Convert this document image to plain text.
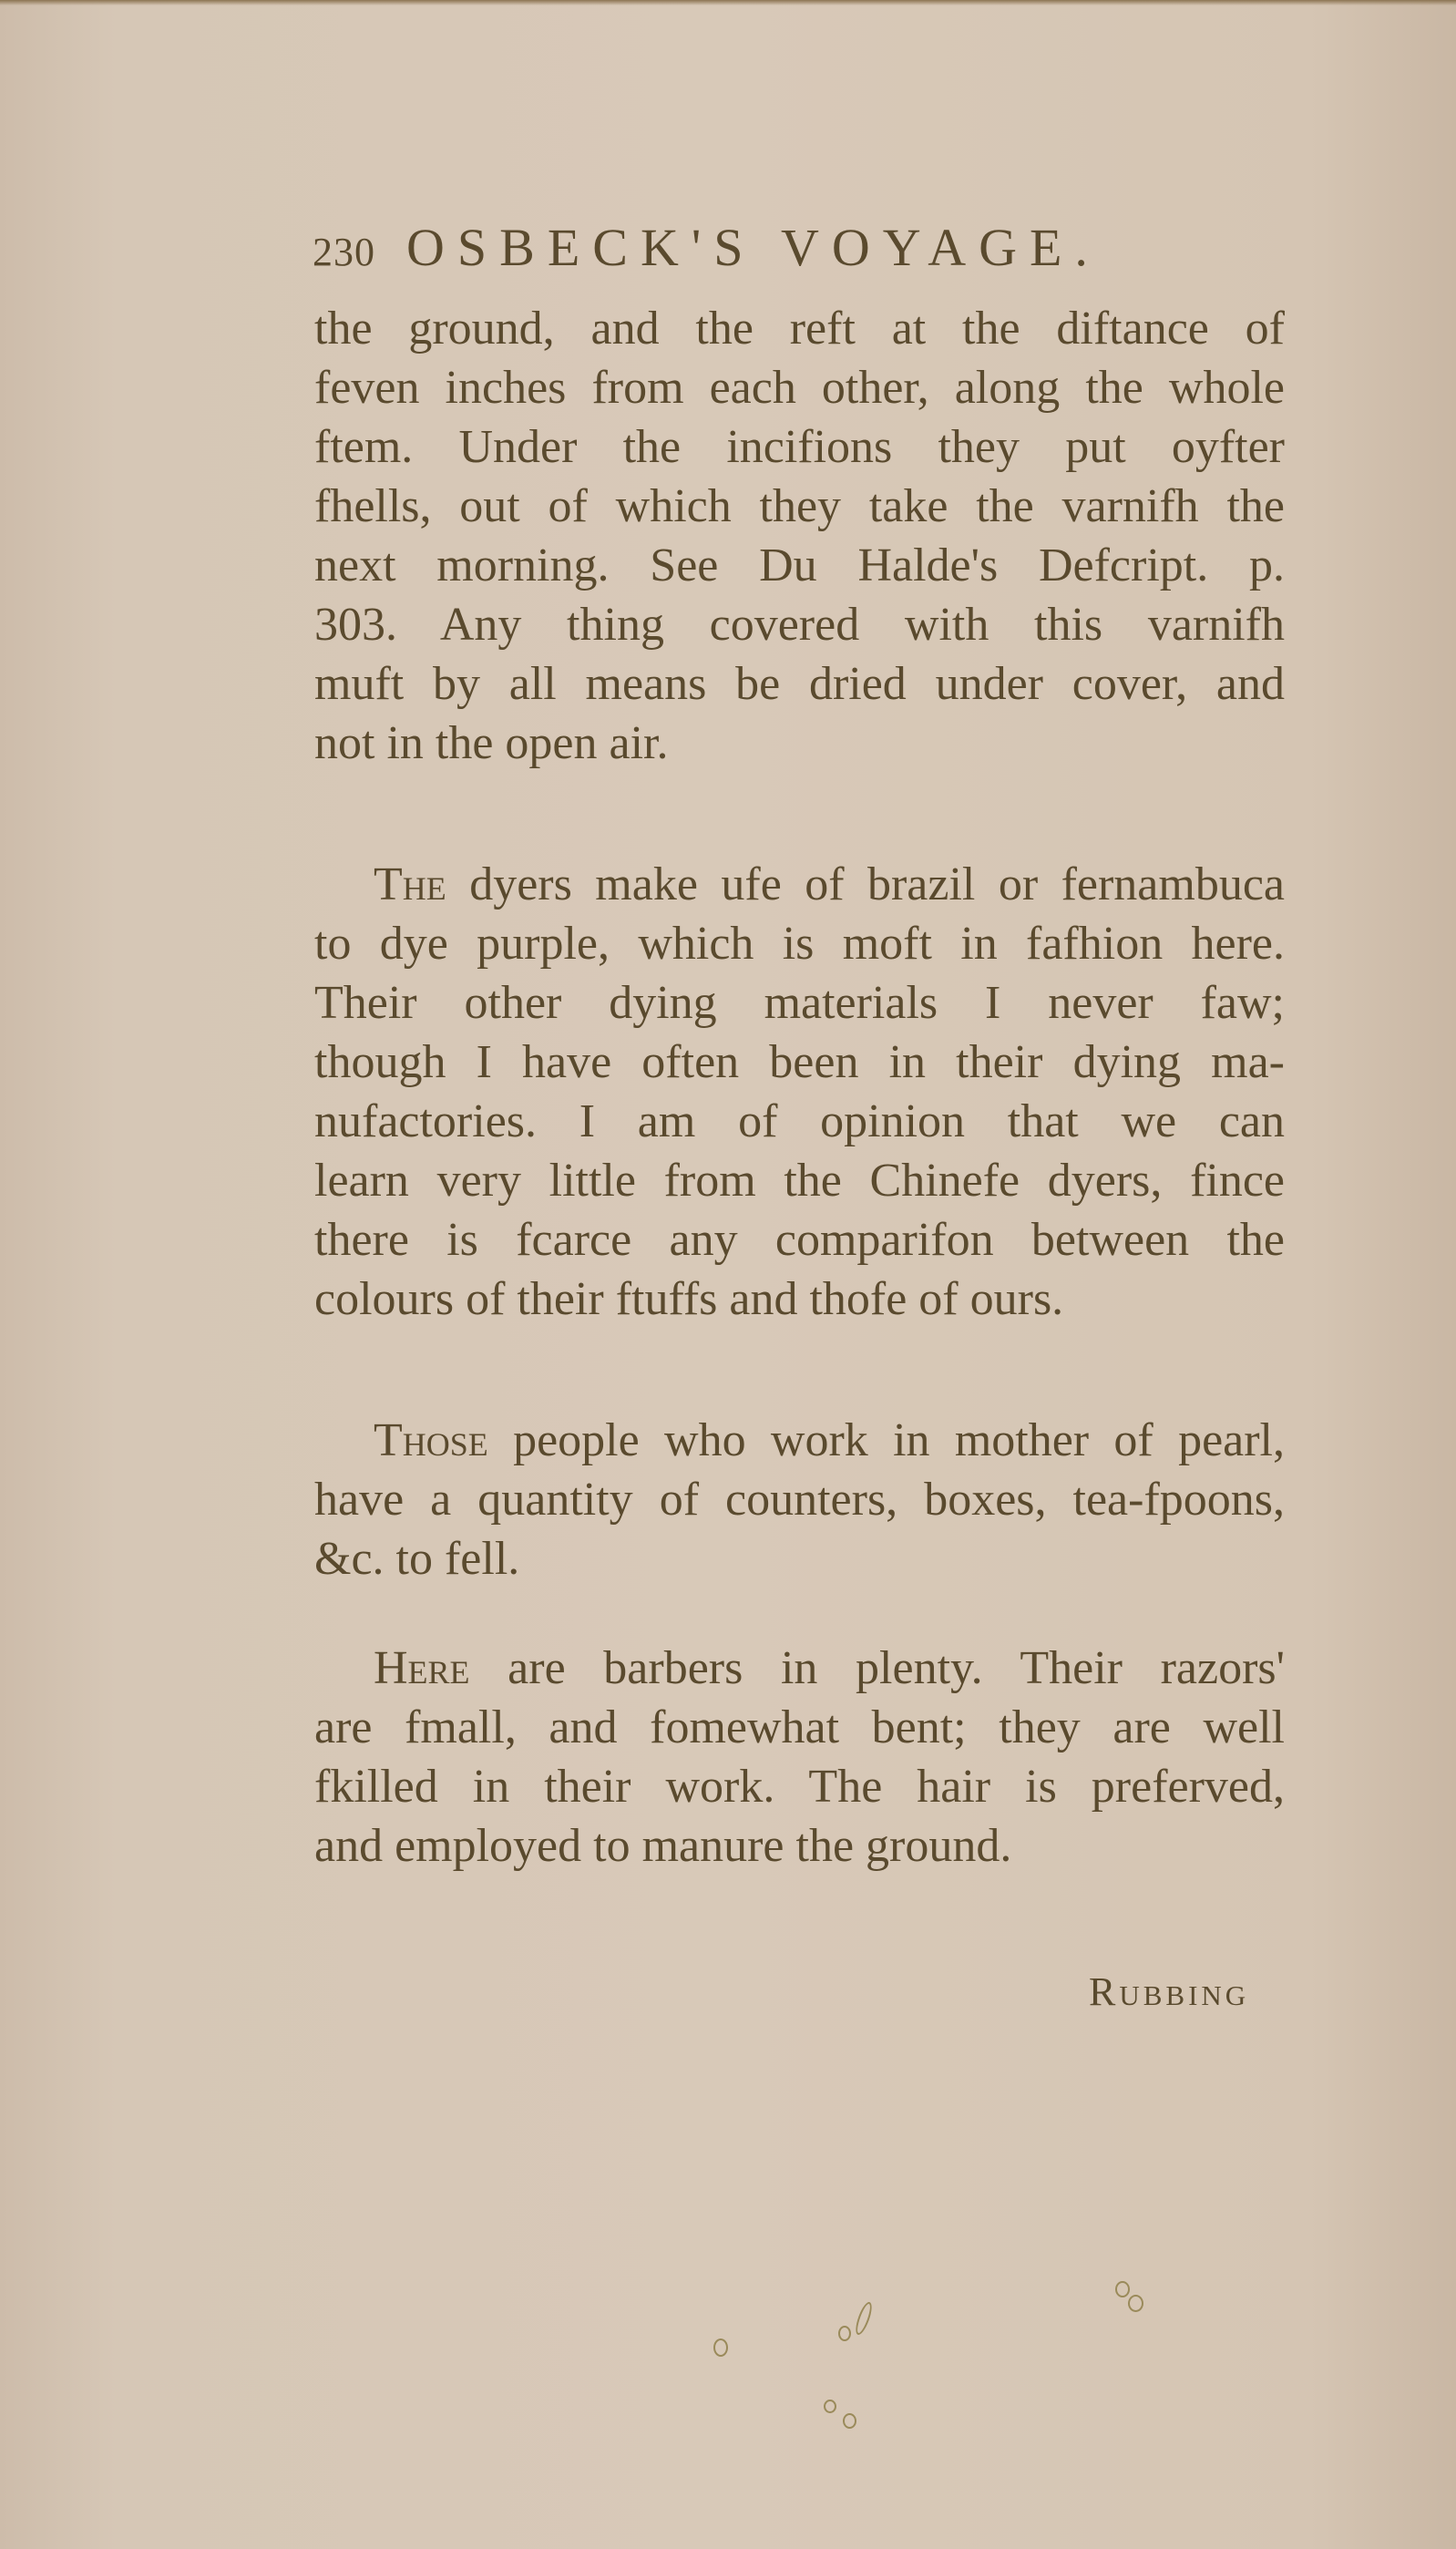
230 OSBECK'S VOYAGE.
the ground, and the reft at the diftance of
feven inches from each other, along the whole
ftem. Under the incifions they put oyfter
fhells, out of which they take the varnifh the
next morning. See Du Halde's Defcript. p.
303. Any thing covered with this varnifh
muft by all means be dried under cover, and
not in the open air.
The dyers make ufe of brazil or fernambuca
to dye purple, which is moft in fafhion here.
Their other dying materials I never faw;
though I have often been in their dying ma-
nufactories. I am of opinion that we can
learn very little from the Chinefe dyers, fince
there is fcarce any comparifon between the
colours of their ftuffs and thofe of ours.
Those people who work in mother of pearl,
have a quantity of counters, boxes, tea-fpoons,
&c. to fell.
Here are barbers in plenty. Their razors'
are fmall, and fomewhat bent; they are well
fkilled in their work. The hair is preferved,
and employed to manure the ground.
Rubbing
